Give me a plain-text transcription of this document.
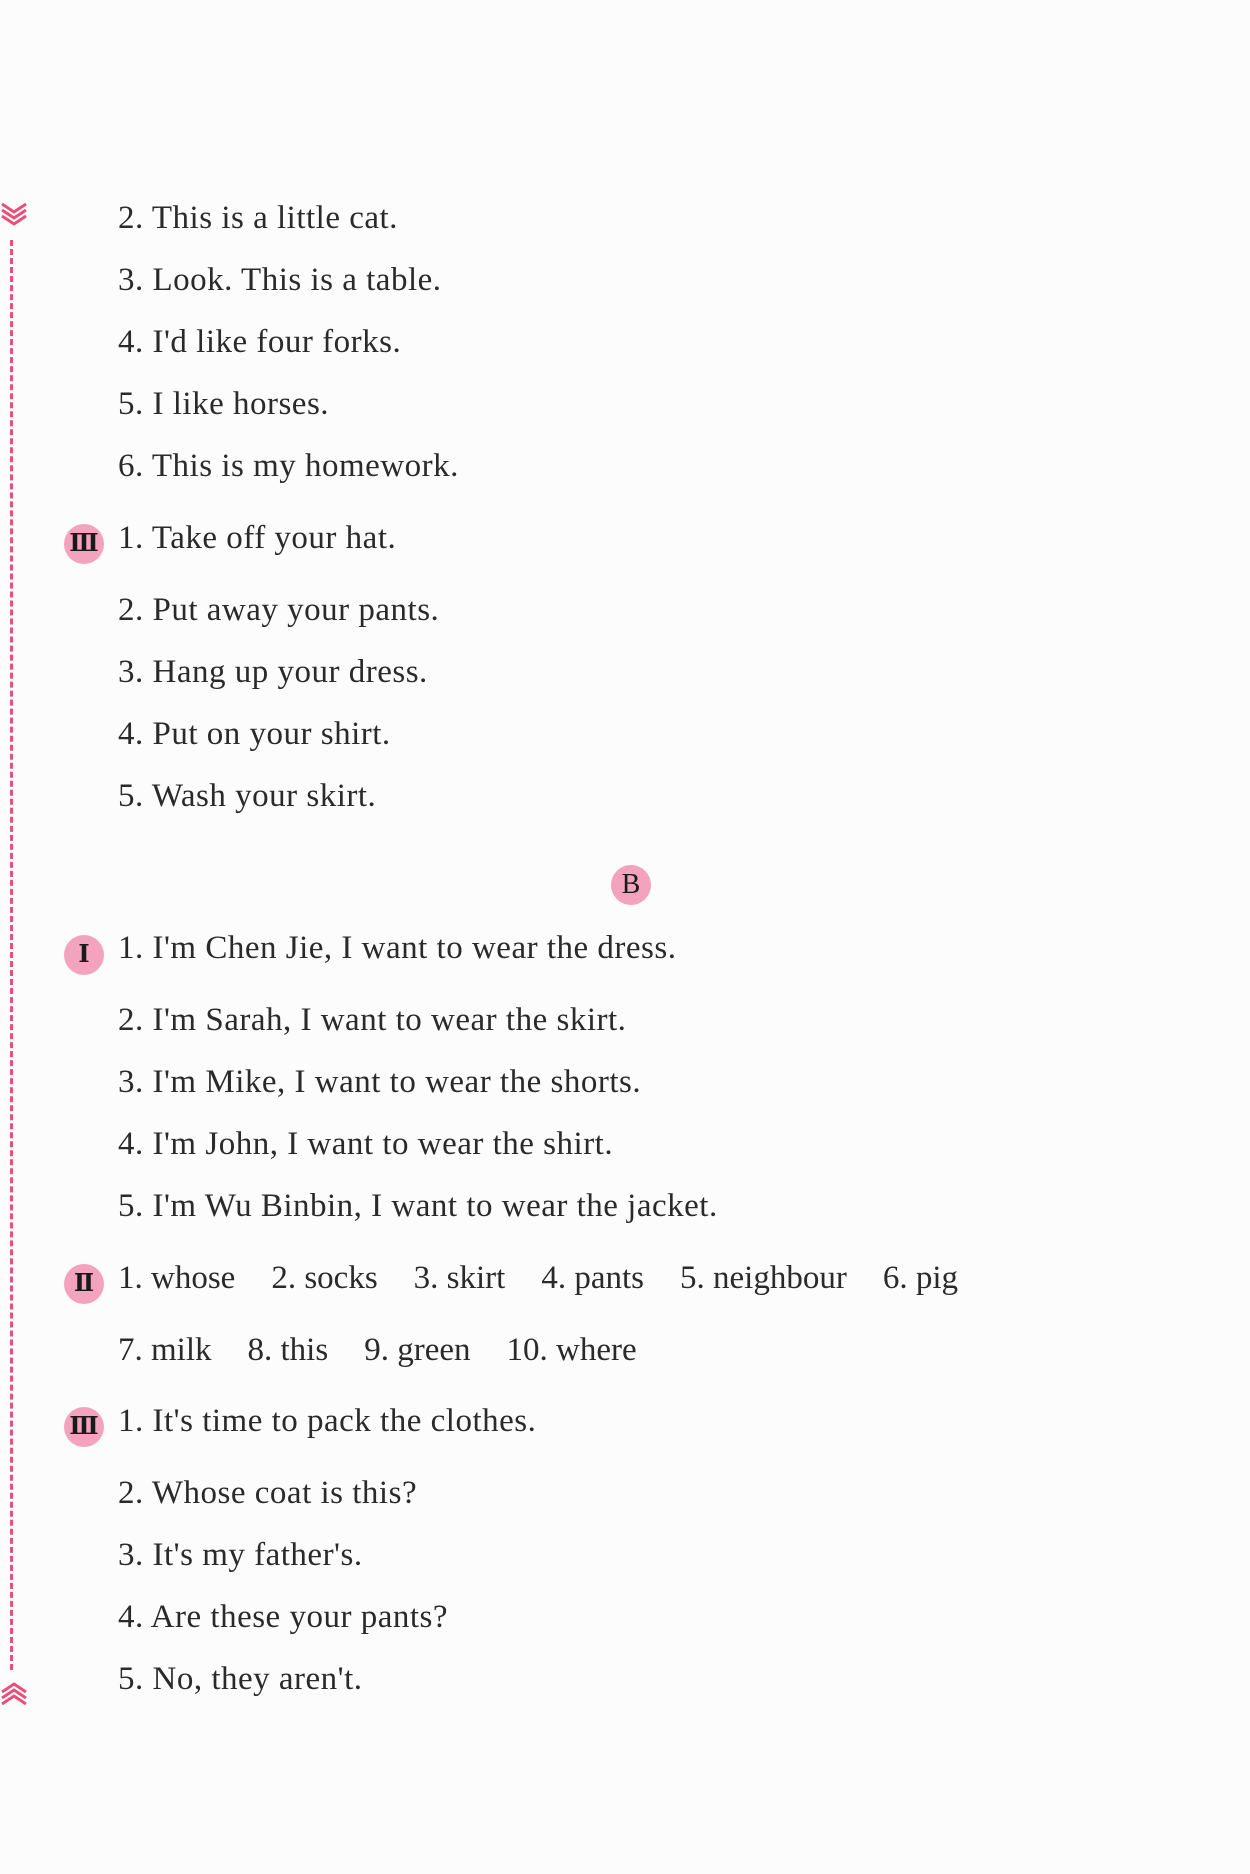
2. This is a little cat.
3. Look. This is a table.
4. I'd like four forks.
5. I like horses.
6. This is my homework.
Ⅲ 1. Take off your hat.
2. Put away your pants.
3. Hang up your dress.
4. Put on your shirt.
5. Wash your skirt.
B
Ⅰ 1. I'm Chen Jie, I want to wear the dress.
2. I'm Sarah, I want to wear the skirt.
3. I'm Mike, I want to wear the shorts.
4. I'm John, I want to wear the shirt.
5. I'm Wu Binbin, I want to wear the jacket.
Ⅱ 1. whose 2. socks 3. skirt 4. pants 5. neighbour 6. pig
7. milk 8. this 9. green 10. where
Ⅲ 1. It's time to pack the clothes.
2. Whose coat is this?
3. It's my father's.
4. Are these your pants?
5. No, they aren't.
